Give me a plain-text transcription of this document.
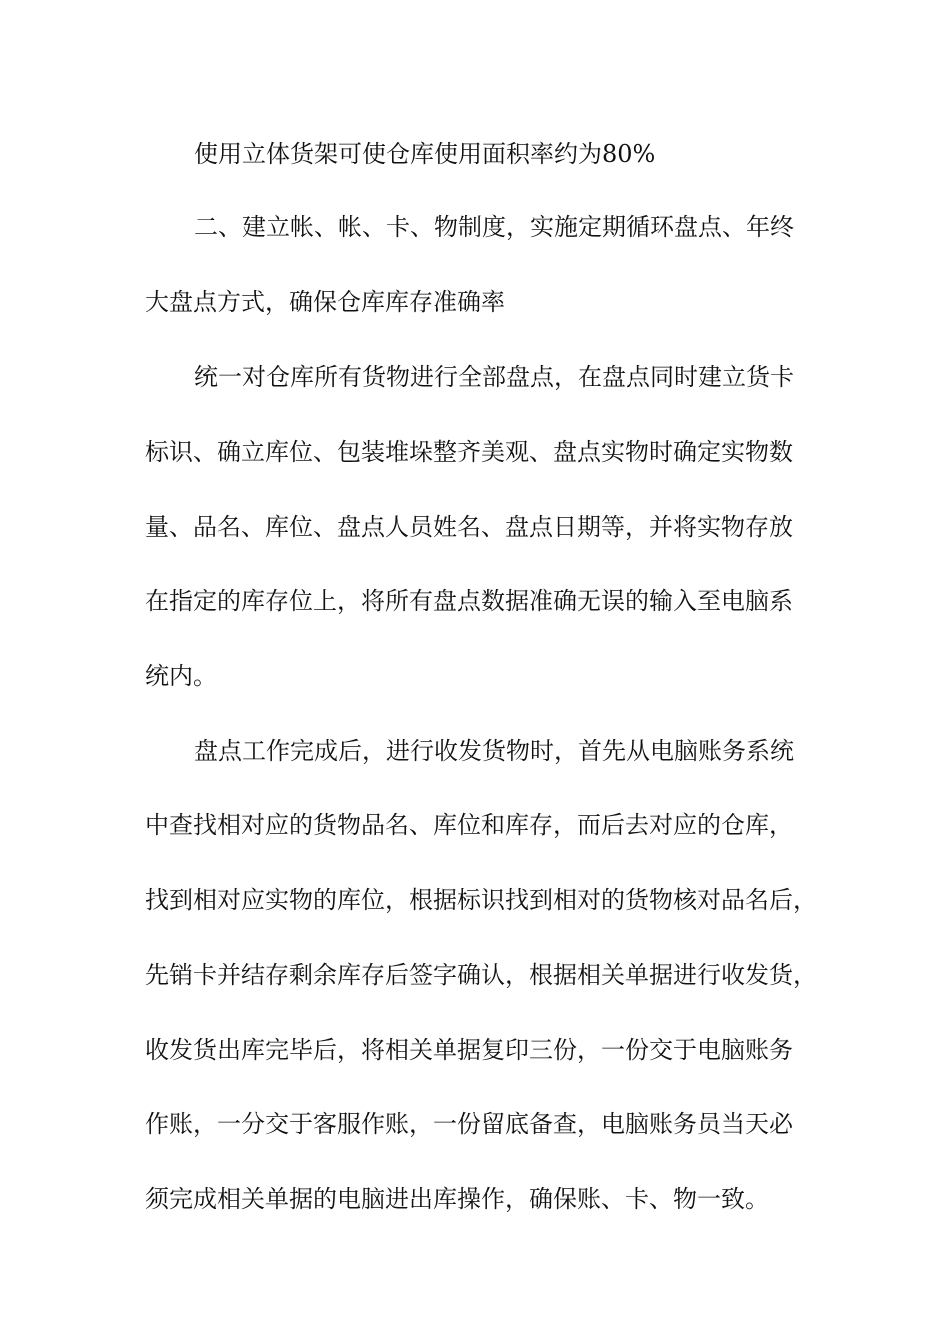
使用立体货架可使仓库使用面积率约为80%
二、建立帐、帐、卡、物制度，实施定期循环盘点、年终
大盘点方式，确保仓库库存准确率
统一对仓库所有货物进行全部盘点，在盘点同时建立货卡
标识、确立库位、包装堆垛整齐美观、盘点实物时确定实物数
量、品名、库位、盘点人员姓名、盘点日期等，并将实物存放
在指定的库存位上，将所有盘点数据准确无误的输入至电脑系
统内。
盘点工作完成后，进行收发货物时，首先从电脑账务系统
中查找相对应的货物品名、库位和库存，而后去对应的仓库，
找到相对应实物的库位，根据标识找到相对的货物核对品名后，
先销卡并结存剩余库存后签字确认，根据相关单据进行收发货，
收发货出库完毕后，将相关单据复印三份，一份交于电脑账务
作账，一分交于客服作账，一份留底备查，电脑账务员当天必
须完成相关单据的电脑进出库操作，确保账、卡、物一致。
